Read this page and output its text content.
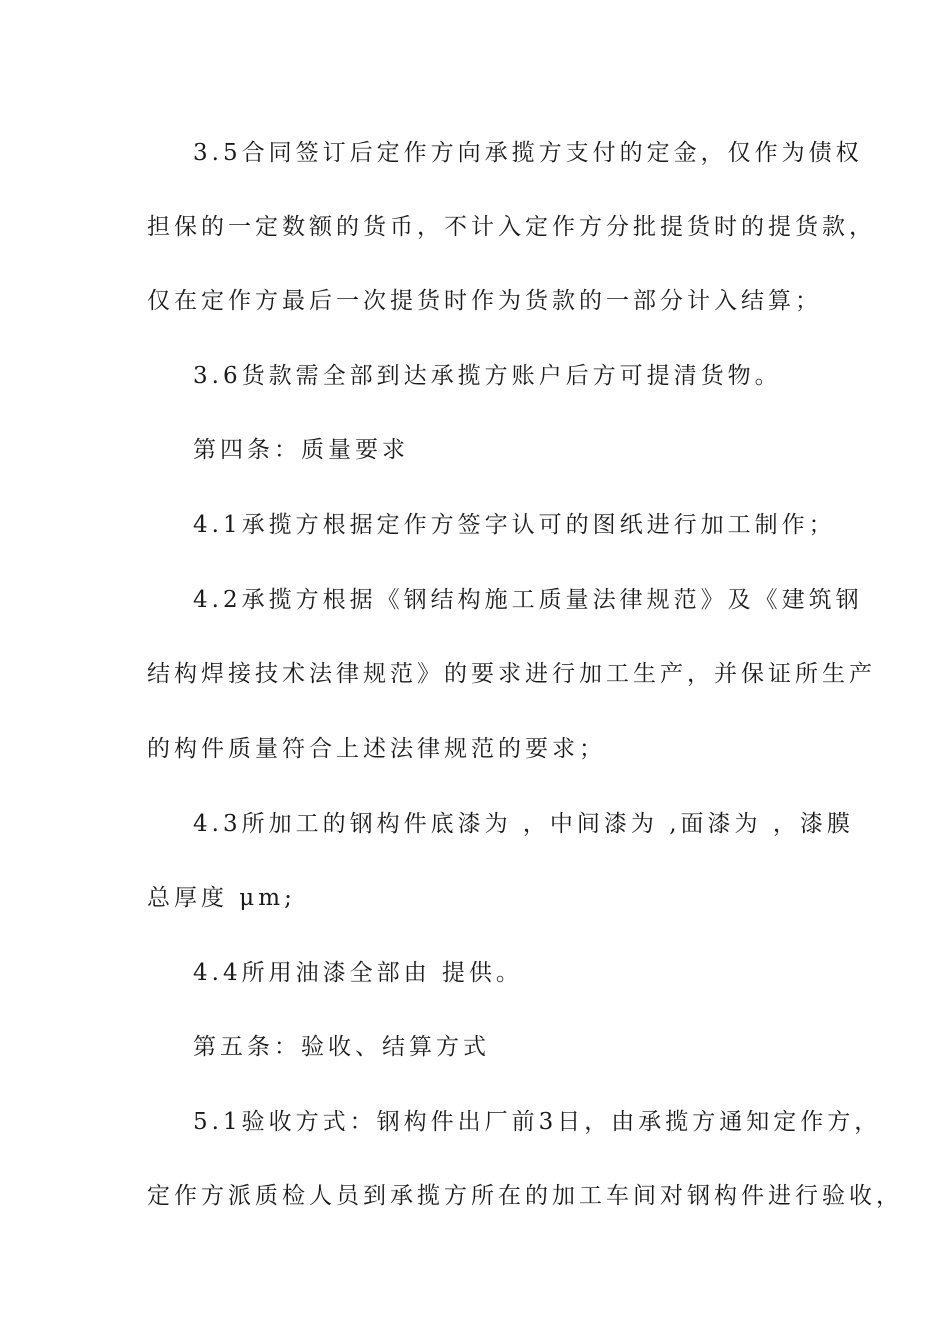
3.5合同签订后定作方向承揽方支付的定金，仅作为债权
担保的一定数额的货币，不计入定作方分批提货时的提货款，
仅在定作方最后一次提货时作为货款的一部分计入结算；
3.6货款需全部到达承揽方账户后方可提清货物。
第四条：质量要求
4.1承揽方根据定作方签字认可的图纸进行加工制作；
4.2承揽方根据《钢结构施工质量法律规范》及《建筑钢
结构焊接技术法律规范》的要求进行加工生产，并保证所生产
的构件质量符合上述法律规范的要求；
4.3所加工的钢构件底漆为 ，中间漆为 ,面漆为 ，漆膜
总厚度 μm;
4.4所用油漆全部由 提供。
第五条：验收、结算方式
5.1验收方式：钢构件出厂前3日，由承揽方通知定作方，
定作方派质检人员到承揽方所在的加工车间对钢构件进行验收，
